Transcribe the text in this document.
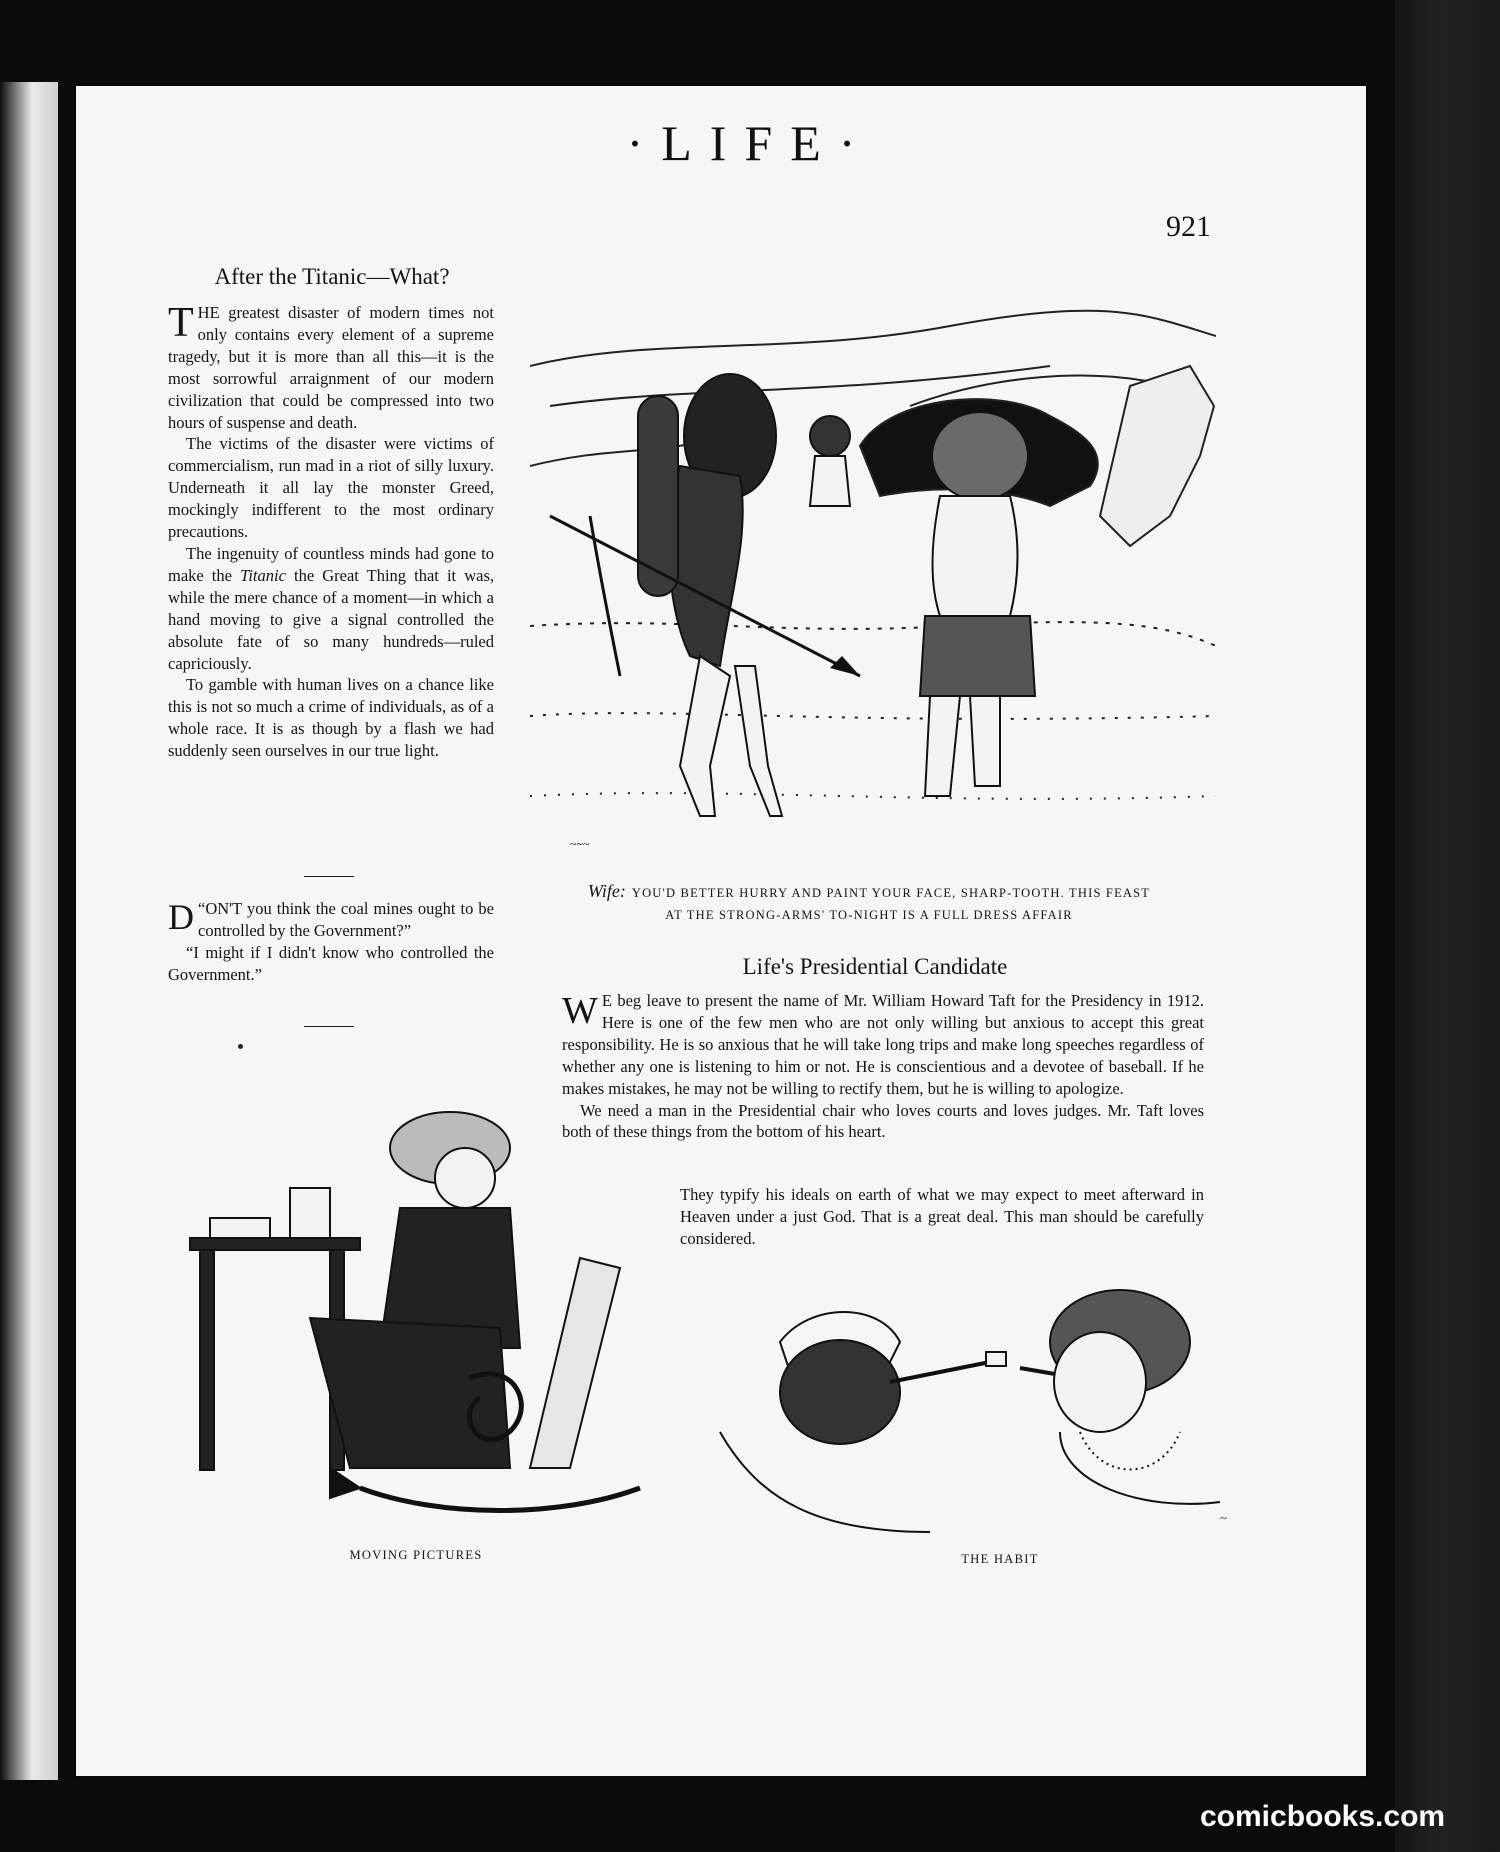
·LIFE·
921
After the Titanic—What?

THE greatest disaster of modern times not only contains every element of a supreme tragedy, but it is more than all this—it is the most sorrowful arraignment of our modern civilization that could be compressed into two hours of suspense and death.

The victims of the disaster were victims of commercialism, run mad in a riot of silly luxury. Underneath it all lay the monster Greed, mockingly indifferent to the most ordinary precautions.

The ingenuity of countless minds had gone to make the Titanic the Great Thing that it was, while the mere chance of a moment—in which a hand moving to give a signal controlled the absolute fate of so many hundreds—ruled capriciously.

To gamble with human lives on a chance like this is not so much a crime of individuals, as of a whole race. It is as though by a flash we had suddenly seen ourselves in our true light.

“
D ON'T you think the coal mines ought to be controlled by the Government?”

“I might if I didn't know who controlled the Government.”

~~~
Wife: YOU'D BETTER HURRY AND PAINT YOUR FACE, SHARP-TOOTH. THIS FEAST
AT THE STRONG-ARMS' TO-NIGHT IS A FULL DRESS AFFAIR
Life's Presidential Candidate

W E beg leave to present the name of Mr. William Howard Taft for the Presidency in 1912. Here is one of the few men who are not only willing but anxious to accept this great responsibility. He is so anxious that he will take long trips and make long speeches regardless of whether any one is listening to him or not. He is conscientious and a devotee of baseball. If he makes mistakes, he may not be willing to rectify them, but he is willing to apologize.

We need a man in the Presidential chair who loves courts and loves judges. Mr. Taft loves both of these things from the bottom of his heart.

They typify his ideals on earth of what we may expect to meet afterward in Heaven under a just God. That is a great deal. This man should be carefully considered.

MOVING PICTURES
~
THE HABIT
comicbooks.com
